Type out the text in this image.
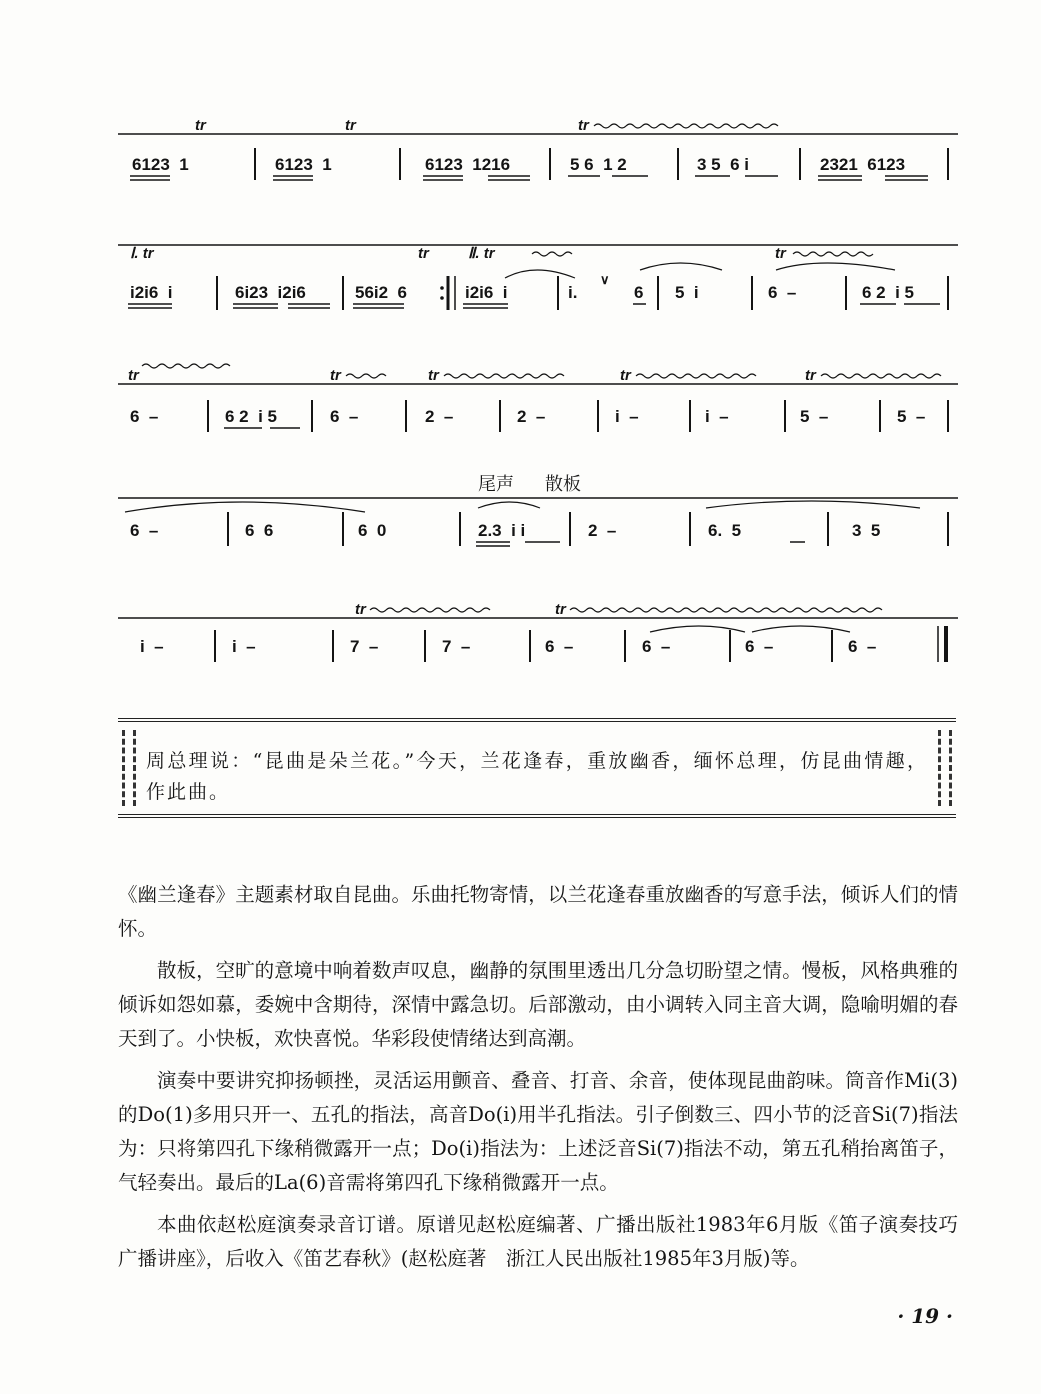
tr	tr	tr
6123  1	6123  1	6123  1216	5 6  1 2	3 5  6 i	2321  6123
Ⅰ. tr	tr	Ⅱ. tr	tr
i2i6  i	6i23  i2i6	56i2  6	i2i6  i	i.
∨
6 5  i	6  –	6 2  i 5
tr	tr	tr	tr	tr
6  –	6 2  i 5	6  –	2  –	2  –	i  –	i  –	5  –	5  –
尾声 散板
6  –	6  6	6  0	2.3  i i	2  –	6.  5	3  5
tr	tr
i  –	i  –	7  –	7  –	6  –	6  –	6  –	6  –
周总理说：“昆曲是朵兰花。”今天，兰花逢春，重放幽香，缅怀总理，仿昆曲情趣，作此曲。

《幽兰逢春》主题素材取自昆曲。乐曲托物寄情，以兰花逢春重放幽香的写意手法，倾诉人们的情怀。

散板，空旷的意境中响着数声叹息，幽静的氛围里透出几分急切盼望之情。慢板，风格典雅的倾诉如怨如慕，委婉中含期待，深情中露急切。后部激动，由小调转入同主音大调，隐喻明媚的春天到了。小快板，欢快喜悦。华彩段使情绪达到高潮。

演奏中要讲究抑扬顿挫，灵活运用颤音、叠音、打音、余音，使体现昆曲韵味。筒音作Mi(3)的Do(1)多用只开一、五孔的指法，高音Do(i)用半孔指法。引子倒数三、四小节的泛音Si(7)指法为：只将第四孔下缘稍微露开一点；Do(i)指法为：上述泛音Si(7)指法不动，第五孔稍抬离笛子，气轻奏出。最后的La(6)音需将第四孔下缘稍微露开一点。

本曲依赵松庭演奏录音订谱。原谱见赵松庭编著、广播出版社1983年6月版《笛子演奏技巧广播讲座》，后收入《笛艺春秋》(赵松庭著　浙江人民出版社1985年3月版)等。

· 19 ·
